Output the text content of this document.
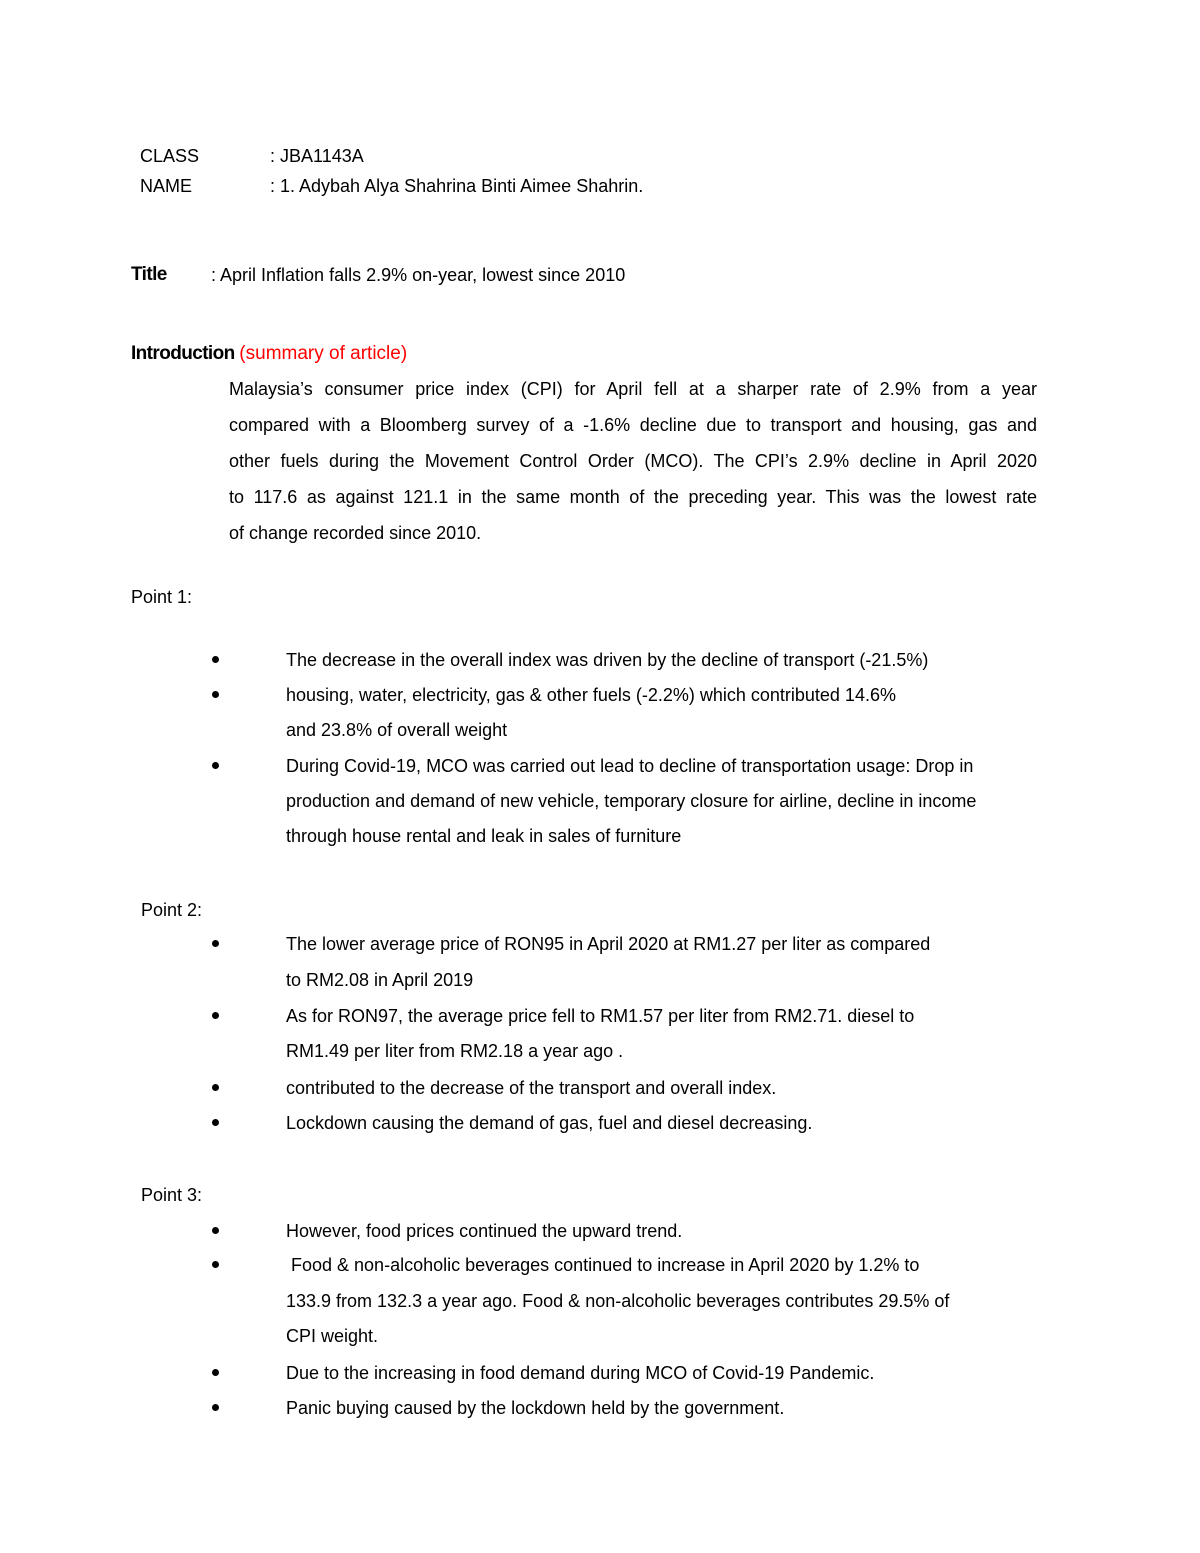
CLASS	: JBA1143A
NAME	: 1. Adybah Alya Shahrina Binti Aimee Shahrin.
Title : April Inflation falls 2.9% on-year, lowest since 2010
Introduction (summary of article)
Malaysia’s consumer price index (CPI) for April fell at a sharper rate of 2.9% from a year
compared with a Bloomberg survey of a -1.6% decline due to transport and housing, gas and
other fuels during the Movement Control Order (MCO). The CPI’s 2.9% decline in April 2020
to 117.6 as against 121.1 in the same month of the preceding year. This was the lowest rate
of change recorded since 2010.
Point 1:
The decrease in the overall index was driven by the decline of transport (-21.5%)
housing, water, electricity, gas & other fuels (-2.2%) which contributed 14.6%
and 23.8% of overall weight
During Covid-19, MCO was carried out lead to decline of transportation usage: Drop in
production and demand of new vehicle, temporary closure for airline, decline in income
through house rental and leak in sales of furniture
Point 2:
The lower average price of RON95 in April 2020 at RM1.27 per liter as compared
to RM2.08 in April 2019
As for RON97, the average price fell to RM1.57 per liter from RM2.71. diesel to
RM1.49 per liter from RM2.18 a year ago .
contributed to the decrease of the transport and overall index.
Lockdown causing the demand of gas, fuel and diesel decreasing.
Point 3:
However, food prices continued the upward trend.
Food & non-alcoholic beverages continued to increase in April 2020 by 1.2% to
133.9 from 132.3 a year ago. Food & non-alcoholic beverages contributes 29.5% of
CPI weight.
Due to the increasing in food demand during MCO of Covid-19 Pandemic.
Panic buying caused by the lockdown held by the government.
